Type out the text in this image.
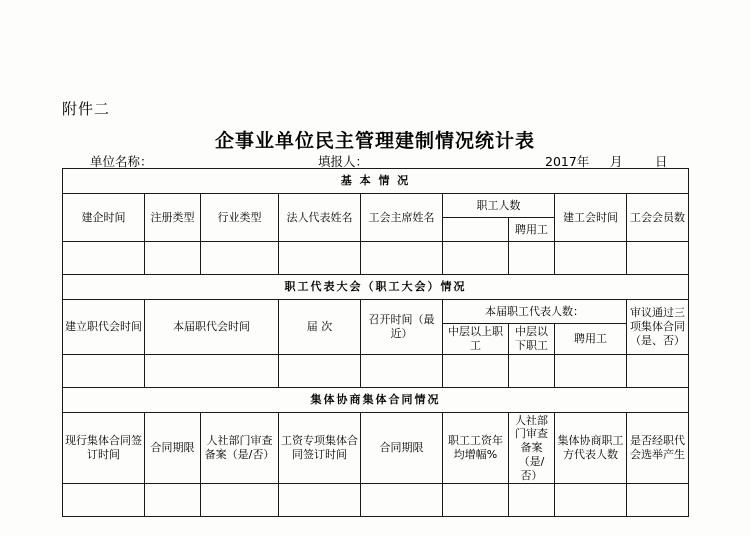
附件二
企事业单位民主管理建制情况统计表
单位名称：	填报人：	2017年 月	日
基 本 情 况								
建企时间	注册类型	行业类型	法人代表姓名	工会主席姓名	职工人数		建工会时间	工会会员数
						聘用工		

职工代表大会（职工大会）情况								
建立职代会时间	本届职代会时间		届 次	召开时间（最近）	本届职工代表人数：			审议通过三项集体合同（是、否）
					中层以上职工	中层以下职工	聘用工	

集体协商集体合同情况								
现行集体合同签订时间	合同期限	人社部门审查备案（是/否）	工资专项集体合同签订时间	合同期限	职工工资年均增幅%	人社部门审查备案（是/否）	集体协商职工方代表人数	是否经职代会选举产生
